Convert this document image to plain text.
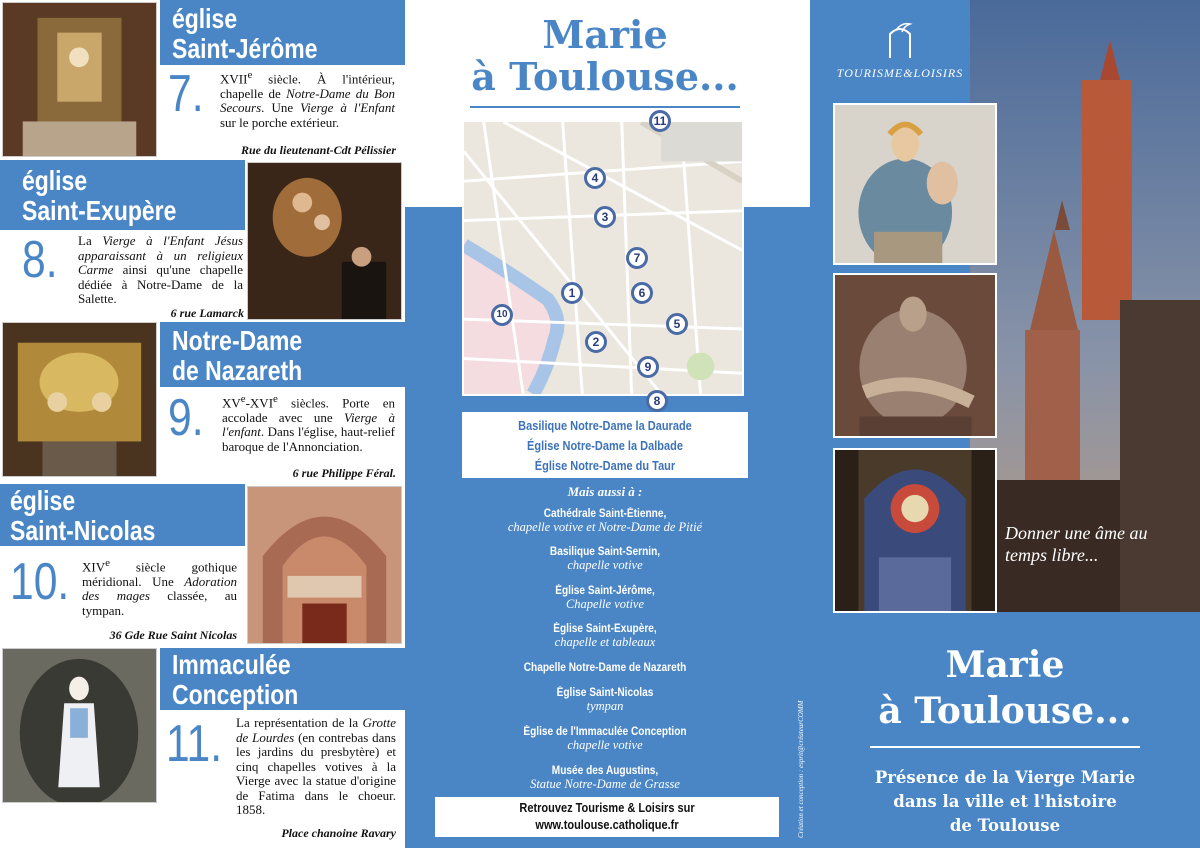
église
Saint-Jérôme
7. XVIIe siècle. À l'intérieur, chapelle de Notre-Dame du Bon Secours. Une Vierge à l'Enfant sur le porche extérieur.
Rue du lieutenant-Cdt Pélissier
église
Saint-Exupère
8. La Vierge à l'Enfant Jésus apparaissant à un religieux Carme ainsi qu'une chapelle dédiée à Notre-Dame de la Salette.
6 rue Lamarck
Notre-Dame
de Nazareth
9. XVe-XVIe siècles. Porte en accolade avec une Vierge à l'enfant. Dans l'église, haut-relief baroque de l'Annonciation.
6 rue Philippe Féral.
église
Saint-Nicolas
10. XIVe siècle gothique méridional. Une Adoration des mages classée, au tympan.
36 Gde Rue Saint Nicolas
Immaculée
Conception
11. La représentation de la Grotte de Lourdes (en contrebas dans les jardins du presbytère) et cinq chapelles votives à la Vierge avec la statue d'origine de Fatima dans le choeur. 1858.
Place chanoine Ravary
Marie
à Toulouse...
11
4
3
7
1	6
5
10
2
9
8
Basilique Notre-Dame la Daurade
Église Notre-Dame la Dalbade
Église Notre-Dame du Taur
Mais aussi à :
Cathédrale Saint-Étienne,
chapelle votive et Notre-Dame de Pitié
Basilique Saint-Sernin,
chapelle votive
Église Saint-Jérôme,
Chapelle votive
Église Saint-Exupère,
chapelle et tableaux
Chapelle Notre-Dame de Nazareth
Église Saint-Nicolas
tympan
Église de l'Immaculée Conception
chapelle votive
Musée des Augustins,
Statue Notre-Dame de Grasse
Retrouvez Tourisme & Loisirs sur
www.toulouse.catholique.fr	Création et conception : esprit@créateurCOMM
TOURISME&LOISIRS
Donner une âme au temps libre...
Marie
à Toulouse...
Présence de la Vierge Marie
dans la ville et l'histoire
de Toulouse
